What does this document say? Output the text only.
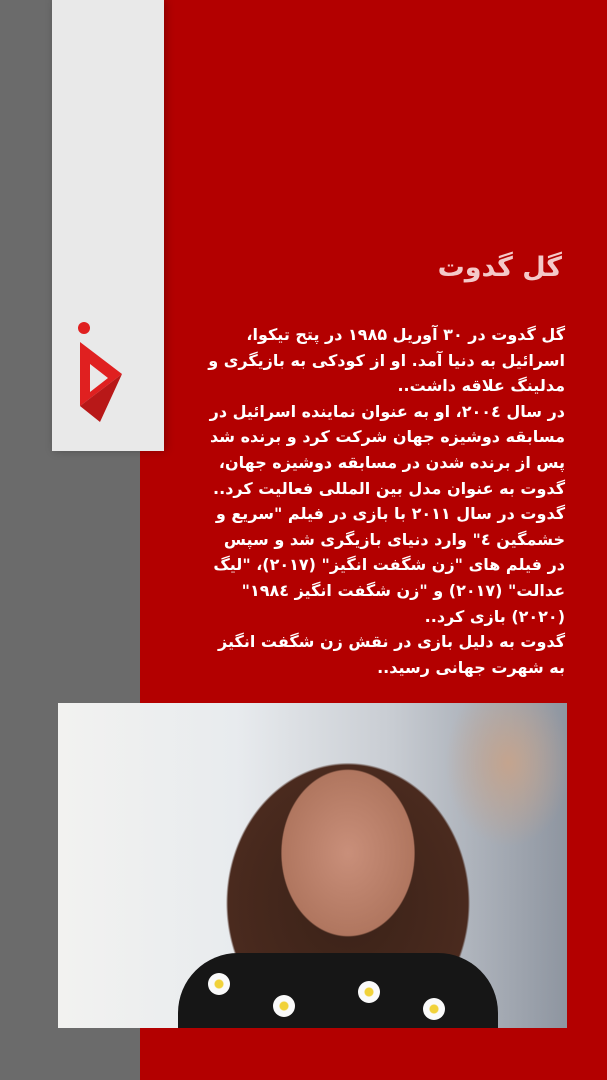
گل گدوت

گل گدوت در ۳۰ آوریل ۱۹۸۵ در پتح تیکوا، اسرائیل به دنیا آمد. او از کودکی به بازیگری و مدلینگ علاقه داشت..

در سال ۲۰۰٤، او به عنوان نماینده اسرائیل در مسابقه دوشیزه جهان شرکت کرد و برنده شد پس از برنده شدن در مسابقه دوشیزه جهان، گدوت به عنوان مدل بین المللی فعالیت کرد..

گدوت در سال ۲۰۱۱ با بازی در فیلم "سریع و خشمگین ٤" وارد دنیای بازیگری شد و سپس در فیلم های "زن شگفت انگیز" (۲۰۱۷)، "لیگ عدالت" (۲۰۱۷) و "زن شگفت انگیز ۱۹۸٤" (۲۰۲۰) بازی کرد..

گدوت به دلیل بازی در نقش زن شگفت انگیز به شهرت جهانی رسید..
